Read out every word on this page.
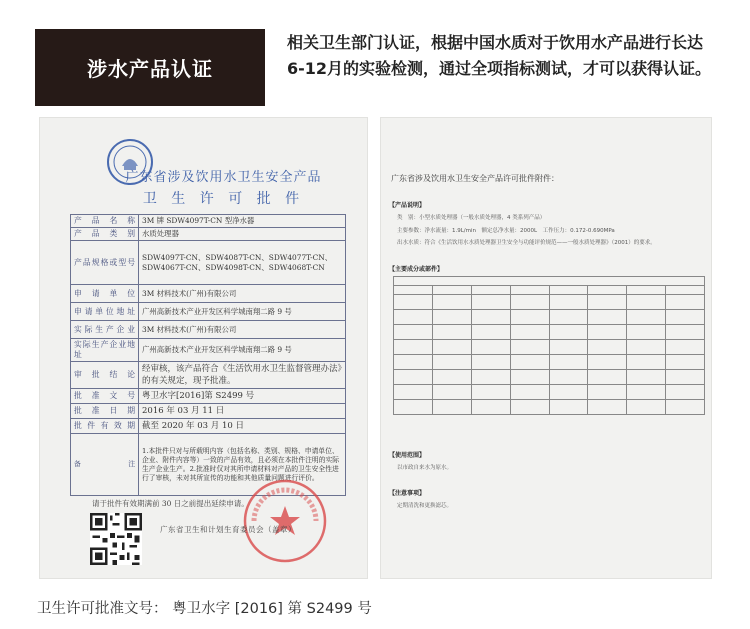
涉水产品认证
相关卫生部门认证，根据中国水质对于饮用水产品进行长达6-12月的实验检测，通过全项指标测试，才可以获得认证。
广东省涉及饮用水卫生安全产品
卫 生 许 可 批 件
产品名称	3M 牌 SDW4097T-CN 型净水器
产品类别	水质处理器
产品规格或型号	SDW4097T-CN、SDW4087T-CN、SDW4077T-CN、SDW4067T-CN、SDW4098T-CN、SDW4068T-CN
申请单位	3M 材料技术(广州)有限公司
申请单位地址	广州高新技术产业开发区科学城南翔二路 9 号
实际生产企业	3M 材料技术(广州)有限公司
实际生产企业地址	广州高新技术产业开发区科学城南翔二路 9 号
审批结论	经审核，该产品符合《生活饮用水卫生监督管理办法》的有关规定，现予批准。
批准文号	粤卫水字[2016]第 S2499 号
批准日期	2016 年 03 月 11 日
批件有效期	截至 2020 年 03 月 10 日
备注	1.本批件只对与所载明内容（包括名称、类别、规格、申请单位、企业、附件内容等）一致的产品有效，且必须在本批件注明的实际生产企业生产。2.批准时仅对其所申请材料对产品的卫生安全性进行了审核，未对其所宣传的功能和其他质量问题进行评价。
请于批件有效期满前 30 日之前提出延续申请。
广东省卫生和计划生育委员会（盖章）
广东省涉及饮用水卫生安全产品许可批件附件：
【产品说明】
类　别：小型水质处理器（一般水质处理器，4 类系列产品）
主要参数：净水流量：1.9L/min　额定总净水量：2000L　工作压力：0.172-0.690MPa
出水水质：符合《生活饮用水水质处理器卫生安全与功能评价规范——一般水质处理器》（2001）的要求。
【主要成分或部件】

【使用范围】
以市政自来水为原水。
【注意事项】
定期清洗和更换滤芯。
卫生许可批准文号： 粤卫水字 [2016] 第 S2499 号
